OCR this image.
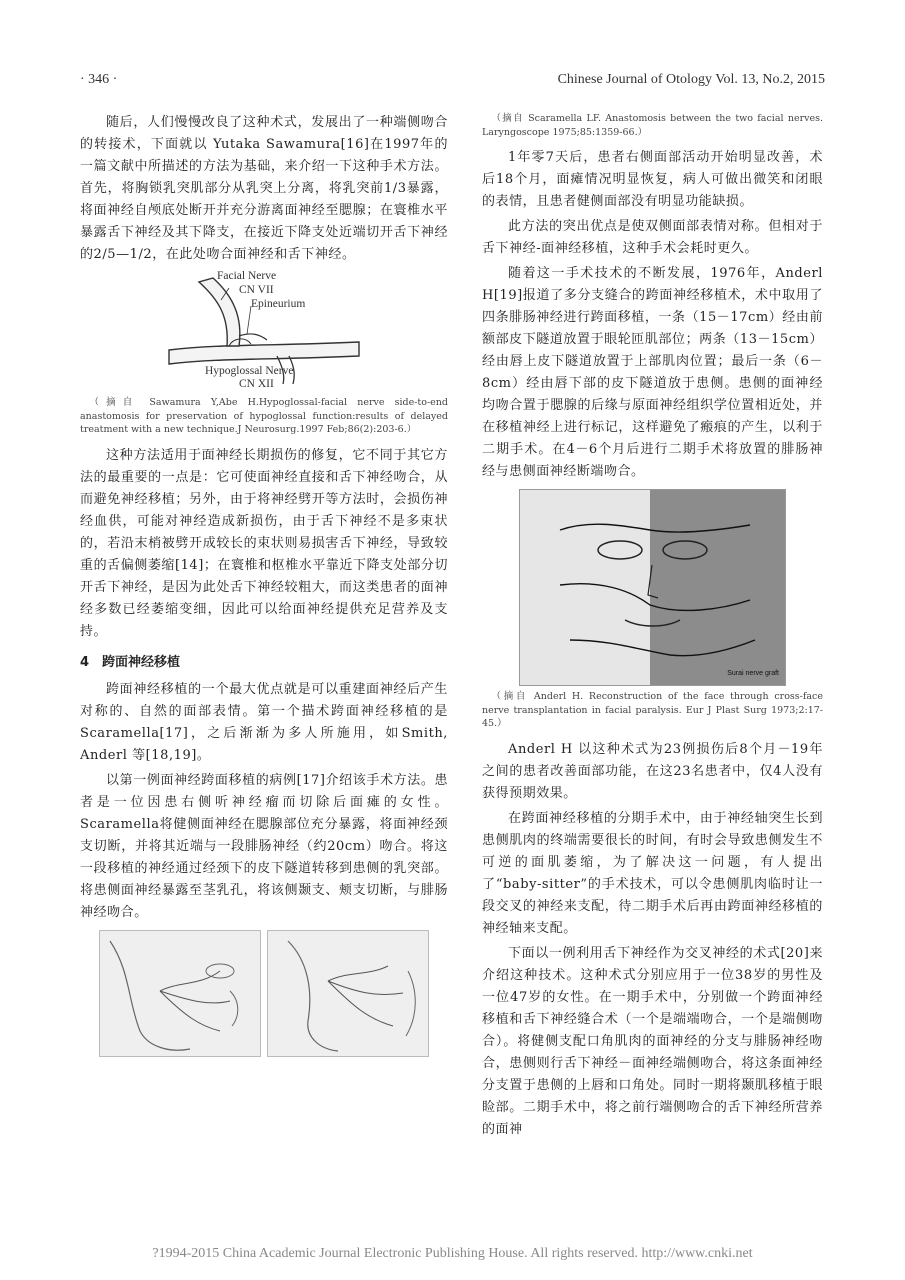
· 346 ·	Chinese Journal of Otology Vol. 13, No.2, 2015

随后，人们慢慢改良了这种术式，发展出了一种端侧吻合的转接术，下面就以 Yutaka Sawamura[16]在1997年的一篇文献中所描述的方法为基础，来介绍一下这种手术方法。首先，将胸锁乳突肌部分从乳突上分离，将乳突前1/3暴露，将面神经自颅底处断开并充分游离面神经至腮腺；在寰椎水平暴露舌下神经及其下降支，在接近下降支处近端切开舌下神经的2/5—1/2，在此处吻合面神经和舌下神经。

Facial Nerve
CN VII
Epineurium
Hypoglossal Nerve
CN XII

（摘自 Sawamura Y,Abe H.Hypoglossal-facial nerve side-to-end anastomosis for preservation of hypoglossal function:results of delayed treatment with a new technique.J Neurosurg.1997 Feb;86(2):203-6.）

这种方法适用于面神经长期损伤的修复，它不同于其它方法的最重要的一点是：它可使面神经直接和舌下神经吻合，从而避免神经移植；另外，由于将神经劈开等方法时，会损伤神经血供，可能对神经造成新损伤，由于舌下神经不是多束状的，若沿末梢被劈开成较长的束状则易损害舌下神经，导致较重的舌偏侧萎缩[14]；在寰椎和枢椎水平靠近下降支处部分切开舌下神经，是因为此处舌下神经较粗大，而这类患者的面神经多数已经萎缩变细，因此可以给面神经提供充足营养及支持。

4　跨面神经移植

跨面神经移植的一个最大优点就是可以重建面神经后产生对称的、自然的面部表情。第一个描术跨面神经移植的是Scaramella[17]，之后渐渐为多人所施用，如Smith, Anderl 等[18,19]。

以第一例面神经跨面移植的病例[17]介绍该手术方法。患者是一位因患右侧听神经瘤而切除后面瘫的女性。Scaramella将健侧面神经在腮腺部位充分暴露，将面神经颈支切断，并将其近端与一段腓肠神经（约20cm）吻合。将这一段移植的神经通过经颈下的皮下隧道转移到患侧的乳突部。将患侧面神经暴露至茎乳孔，将该侧颞支、颊支切断，与腓肠神经吻合。

（摘自 Scaramella LF. Anastomosis between the two facial nerves. Laryngoscope 1975;85:1359-66.）

1年零7天后，患者右侧面部活动开始明显改善，术后18个月，面瘫情况明显恢复，病人可做出微笑和闭眼的表情，且患者健侧面部没有明显功能缺损。

此方法的突出优点是使双侧面部表情对称。但相对于舌下神经-面神经移植，这种手术会耗时更久。

随着这一手术技术的不断发展，1976年，Anderl H[19]报道了多分支缝合的跨面神经移植术，术中取用了四条腓肠神经进行跨面移植，一条（15－17cm）经由前额部皮下隧道放置于眼轮匝肌部位；两条（13－15cm）经由唇上皮下隧道放置于上部肌肉位置；最后一条（6－8cm）经由唇下部的皮下隧道放于患侧。患侧的面神经均吻合置于腮腺的后缘与原面神经组织学位置相近处，并在移植神经上进行标记，这样避免了瘢痕的产生，以利于二期手术。在4－6个月后进行二期手术将放置的腓肠神经与患侧面神经断端吻合。

Surai nerve graft

（摘自 Anderl H. Reconstruction of the face through cross-face nerve transplantation in facial paralysis. Eur J Plast Surg 1973;2:17-45.）

Anderl H 以这种术式为23例损伤后8个月－19年之间的患者改善面部功能，在这23名患者中，仅4人没有获得预期效果。

在跨面神经移植的分期手术中，由于神经轴突生长到患侧肌肉的终端需要很长的时间，有时会导致患侧发生不可逆的面肌萎缩，为了解决这一问题，有人提出了“baby-sitter”的手术技术，可以令患侧肌肉临时让一段交叉的神经来支配，待二期手术后再由跨面神经移植的神经轴来支配。

下面以一例利用舌下神经作为交叉神经的术式[20]来介绍这种技术。这种术式分别应用于一位38岁的男性及一位47岁的女性。在一期手术中，分别做一个跨面神经移植和舌下神经缝合术（一个是端端吻合，一个是端侧吻合）。将健侧支配口角肌肉的面神经的分支与腓肠神经吻合，患侧则行舌下神经－面神经端侧吻合，将这条面神经分支置于患侧的上唇和口角处。同时一期将颞肌移植于眼睑部。二期手术中，将之前行端侧吻合的舌下神经所营养的面神

?1994-2015 China Academic Journal Electronic Publishing House. All rights reserved. http://www.cnki.net
